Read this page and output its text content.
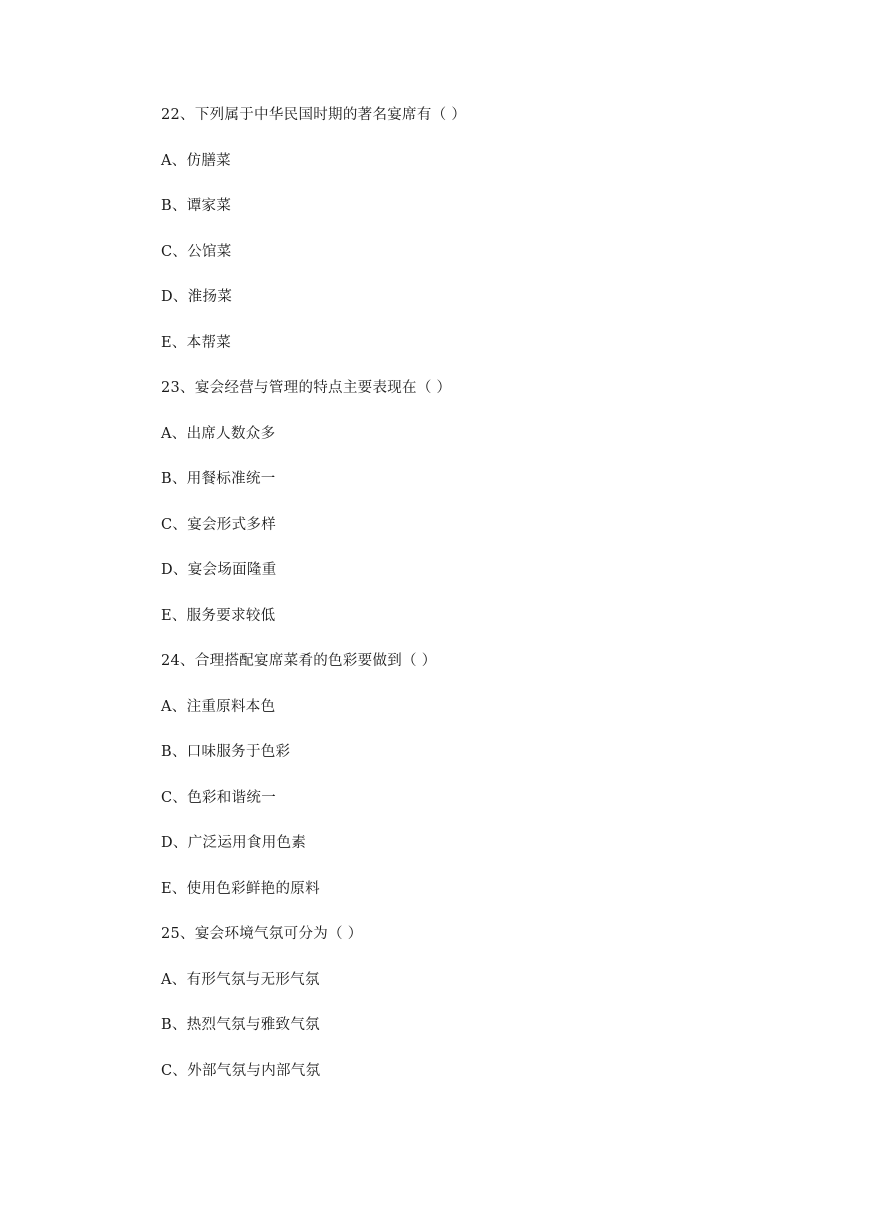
22、下列属于中华民国时期的著名宴席有（ ）
A、仿膳菜
B、谭家菜
C、公馆菜
D、淮扬菜
E、本帮菜
23、宴会经营与管理的特点主要表现在（ ）
A、出席人数众多
B、用餐标准统一
C、宴会形式多样
D、宴会场面隆重
E、服务要求较低
24、合理搭配宴席菜肴的色彩要做到（ ）
A、注重原料本色
B、口味服务于色彩
C、色彩和谐统一
D、广泛运用食用色素
E、使用色彩鲜艳的原料
25、宴会环境气氛可分为（ ）
A、有形气氛与无形气氛
B、热烈气氛与雅致气氛
C、外部气氛与内部气氛
